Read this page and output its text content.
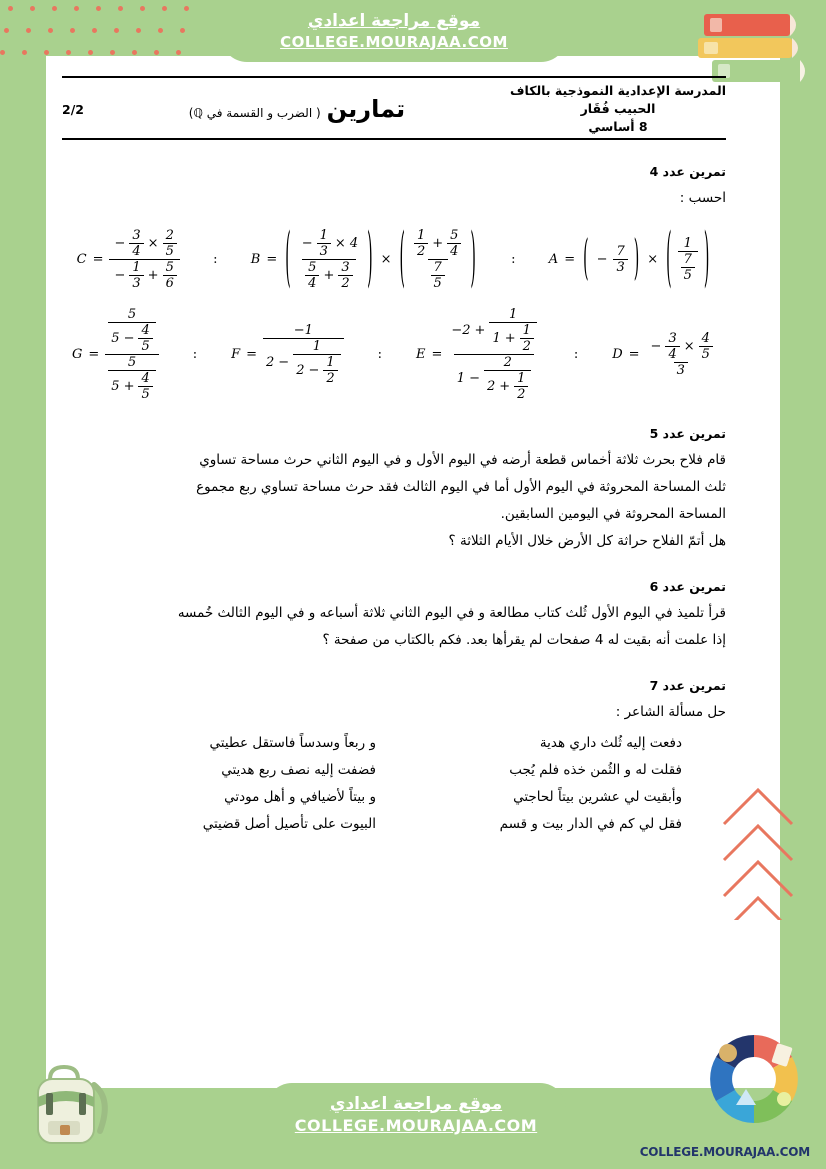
موقع مراجعة اعدادي
COLLEGE.MOURAJAA.COM
COLLEGE.MOURAJAA.COM
موقع مراجعة اعدادي
COLLEGE.MOURAJAA.COM
المدرسة الإعدادية النموذجية بالكاف
الحبيب فُقَار
8 أساسي
تمارين
( الضرب و القسمة في ℚ)
2/2
تمرين عدد 4
احسب :
$C = \frac{- \frac{3}{4} \times \frac{2}{5}}{- \frac{1}{3} + \frac{5}{6}}$	:	B = ( $\frac{- \frac{1}{3} \times 4}{\frac{5}{4} + \frac{3}{2}}$ ) × ( $\frac{\frac{1}{2} + \frac{5}{4}}{\frac{7}{5}}$ )	:	A = ( − $\frac{7}{3}$ ) × ( $\frac{1}{\frac{7}{5}}$ )
G =
$\frac{5}{5 - \frac{4}{5}}$
$\frac{5}{5 + \frac{4}{5}}$
:	F =
−1
$2 - \frac{1}{2 - \frac{1}{2}}$	:	E =
$-2 + \frac{1}{1 + \frac{1}{2}}$
$1 - \frac{2}{2 + \frac{1}{2}}$
:	$D = \frac{- \frac{3}{4} \times \frac{4}{5}}{3}$
تمرين عدد 5
قام فلاح بحرث ثلاثة أخماس قطعة أرضه في اليوم الأول و في اليوم الثاني حرث مساحة تساوي
ثلث المساحة المحروثة في اليوم الأول أما في اليوم الثالث فقد حرث مساحة تساوي ربع مجموع
المساحة المحروثة في اليومين السابقين.
هل أتمّ الفلاح حراثة كل الأرض خلال الأيام الثلاثة ؟
تمرين عدد 6
قرأ تلميذ في اليوم الأول ثُلث كتاب مطالعة و في اليوم الثاني ثلاثة أسباعه و في اليوم الثالث خُمسه
إذا علمت أنه بقيت له 4 صفحات لم يقرأها بعد. فكم بالكتاب من صفحة ؟
تمرين عدد 7
حل مسألة الشاعر :
دفعت إليه ثُلث داري هدية
و ربعاً وسدساً فاستقل عطيتي
فقلت له و الثُمن خذه فلم يُجب
فضفت إليه نصف ربع هديتي
وأبقيت لي عشرين بيتاً لحاجتي
و بيتاً لأضيافي و أهل مودتي
فقل لي كم في الدار بيت و قسم
البيوت على تأصيل أصل قضيتي
